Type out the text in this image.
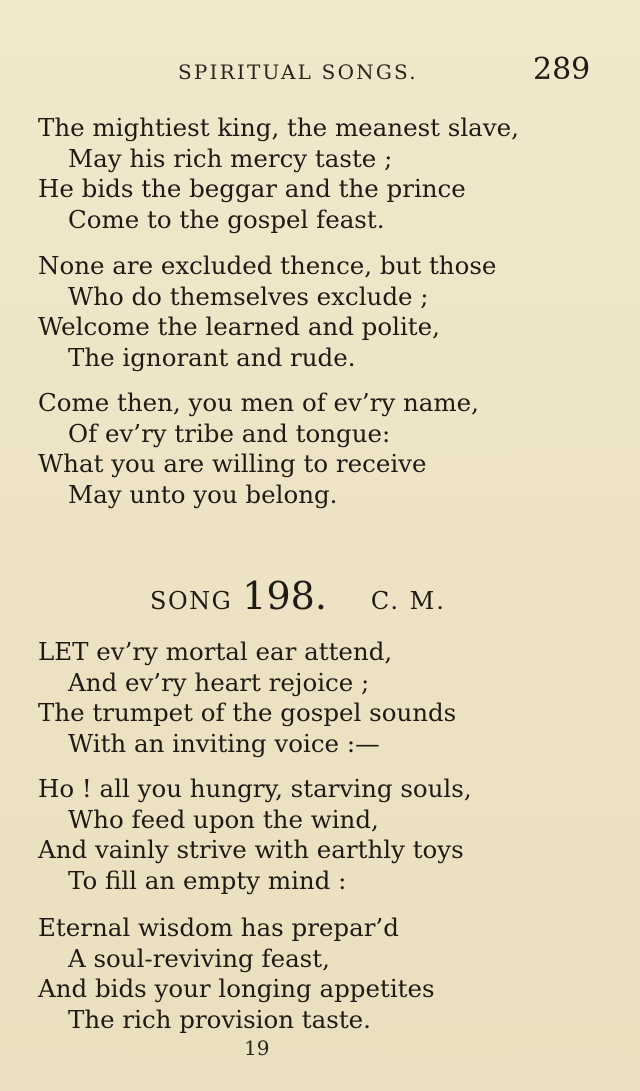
SPIRITUAL SONGS.	289
The mightiest king, the meanest slave,
May his rich mercy taste ;
He bids the beggar and the prince
Come to the gospel feast.
None are excluded thence, but those
Who do themselves exclude ;
Welcome the learned and polite,
The ignorant and rude.
Come then, you men of ev’ry name,
Of ev’ry tribe and tongue:
What you are willing to receive
May unto you belong.
SONG 198. C. M.
LET ev’ry mortal ear attend,
And ev’ry heart rejoice ;
The trumpet of the gospel sounds
With an inviting voice :—
Ho ! all you hungry, starving souls,
Who feed upon the wind,
And vainly strive with earthly toys
To fill an empty mind :
Eternal wisdom has prepar’d
A soul-reviving feast,
And bids your longing appetites
The rich provision taste.
19
